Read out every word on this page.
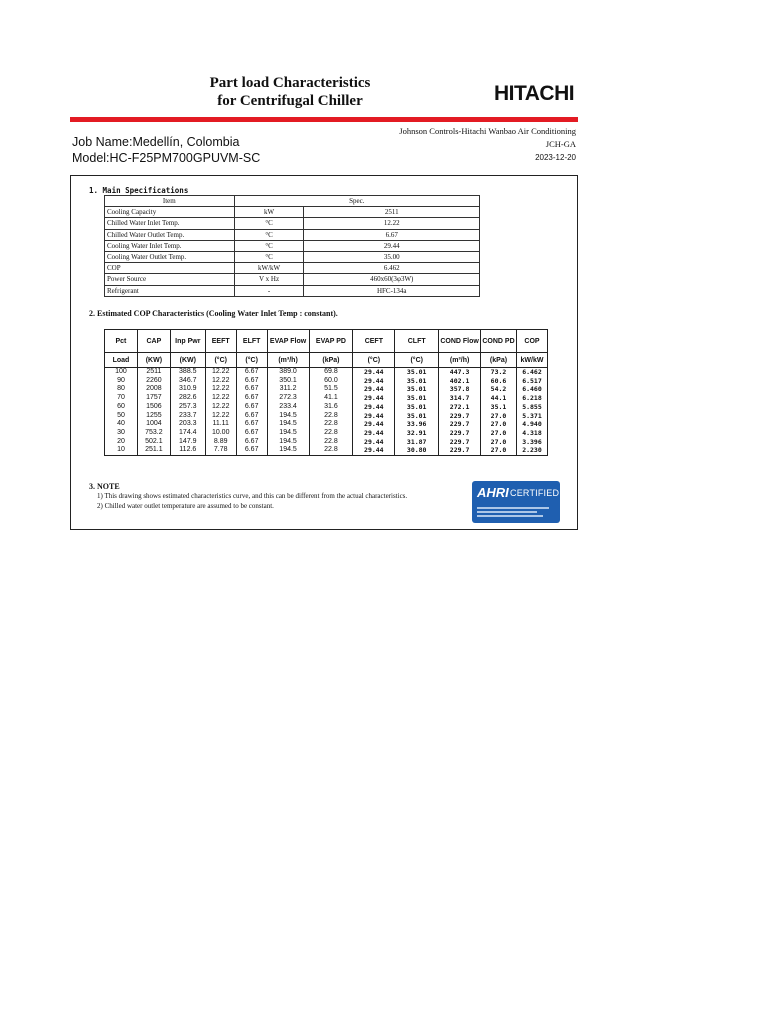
Part load Characteristics
for Centrifugal Chiller	HITACHI
Job Name:Medellín, Colombia
Model:HC-F25PM700GPUVM-SC
Johnson Controls-Hitachi Wanbao Air Conditioning
JCH-GA
2023-12-20
1. Main Specifications
Item	Spec.	
Cooling Capacity	kW	2511
Chilled Water Inlet Temp.	°C	12.22
Chilled Water Outlet Temp.	°C	6.67
Cooling Water Inlet Temp.	°C	29.44
Cooling Water Outlet Temp.	°C	35.00
COP	kW/kW	6.462
Power Source	V x Hz	460x60(3φ3W)
Refrigerant	-	HFC-134a
2. Estimated COP Characteristics (Cooling Water Inlet Temp : constant).
Pct	CAP	Inp Pwr	EEFT	ELFT	EVAP Flow	EVAP PD	CEFT	CLFT	COND Flow	COND PD	COP
Load	(KW)	(KW)	(°C)	(°C)	(m³/h)	(kPa)	(°C)	(°C)	(m³/h)	(kPa)	kW/kW
100	2511	388.5	12.22	6.67	389.0	69.8	29.44	35.01	447.3	73.2	6.462
90	2260	346.7	12.22	6.67	350.1	60.0	29.44	35.01	402.1	60.6	6.517
80	2008	310.9	12.22	6.67	311.2	51.5	29.44	35.01	357.8	54.2	6.460
70	1757	282.6	12.22	6.67	272.3	41.1	29.44	35.01	314.7	44.1	6.218
60	1506	257.3	12.22	6.67	233.4	31.6	29.44	35.01	272.1	35.1	5.855
50	1255	233.7	12.22	6.67	194.5	22.8	29.44	35.01	229.7	27.0	5.371
40	1004	203.3	11.11	6.67	194.5	22.8	29.44	33.96	229.7	27.0	4.940
30	753.2	174.4	10.00	6.67	194.5	22.8	29.44	32.91	229.7	27.0	4.318
20	502.1	147.9	8.89	6.67	194.5	22.8	29.44	31.87	229.7	27.0	3.396
10	251.1	112.6	7.78	6.67	194.5	22.8	29.44	30.80	229.7	27.0	2.230
3. NOTE
1) This drawing shows estimated characteristics curve, and this can be different from the actual characteristics.
2) Chilled water outlet temperature are assumed to be constant.
AHRI CERTIFIED
